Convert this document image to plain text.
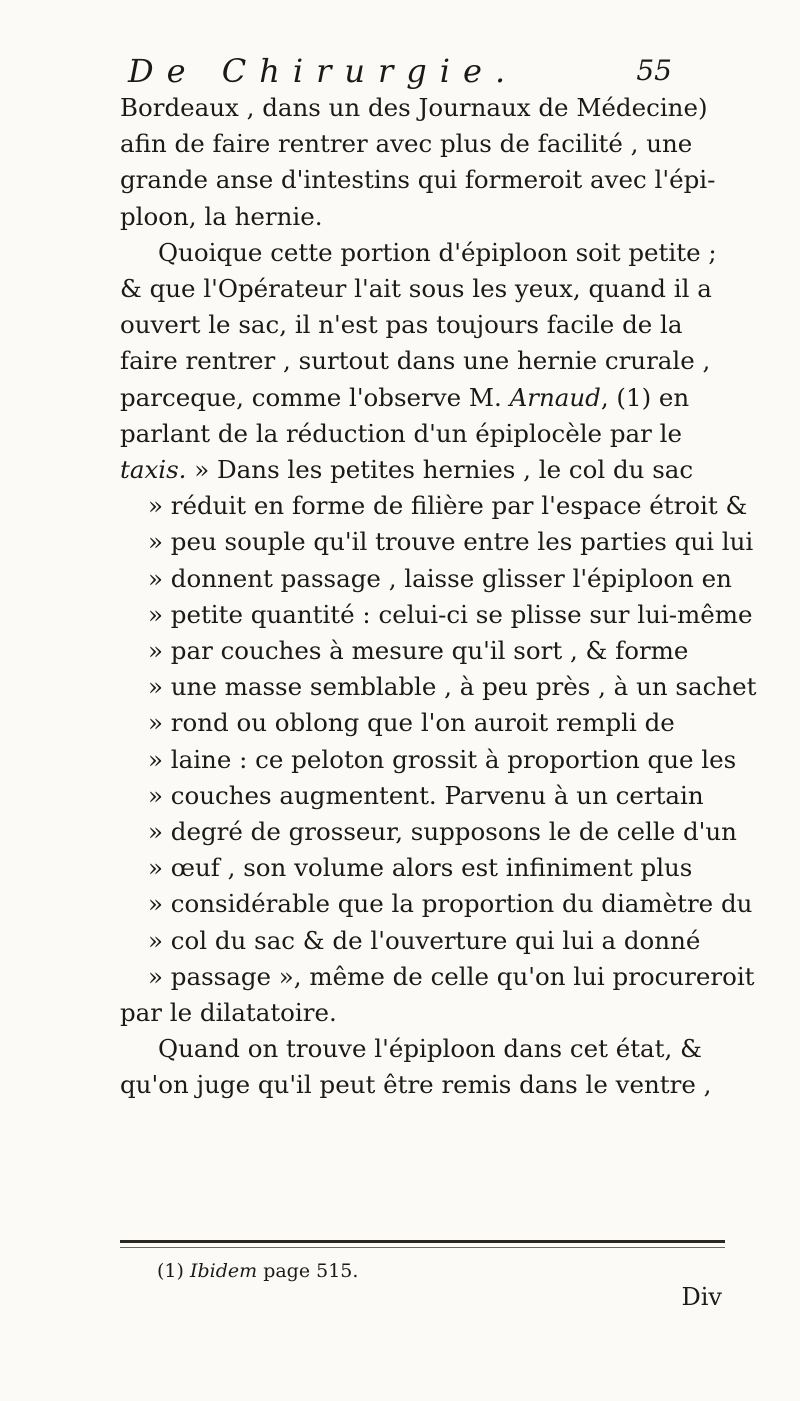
De Chirurgie.	55
Bordeaux , dans un des Journaux de Médecine)
afin de faire rentrer avec plus de facilité , une
grande anse d'intestins qui formeroit avec l'épi-
ploon, la hernie.
Quoique cette portion d'épiploon soit petite ;
& que l'Opérateur l'ait sous les yeux, quand il a
ouvert le sac, il n'est pas toujours facile de la
faire rentrer , surtout dans une hernie crurale ,
parceque, comme l'observe M. Arnaud, (1) en
parlant de la réduction d'un épiplocèle par le
taxis. » Dans les petites hernies , le col du sac
» réduit en forme de filière par l'espace étroit &
» peu souple qu'il trouve entre les parties qui lui
» donnent passage , laisse glisser l'épiploon en
» petite quantité : celui-ci se plisse sur lui-même
» par couches à mesure qu'il sort , & forme
» une masse semblable , à peu près , à un sachet
» rond ou oblong que l'on auroit rempli de
» laine : ce peloton grossit à proportion que les
» couches augmentent. Parvenu à un certain
» degré de grosseur, supposons le de celle d'un
» œuf , son volume alors est infiniment plus
» considérable que la proportion du diamètre du
» col du sac & de l'ouverture qui lui a donné
» passage », même de celle qu'on lui procureroit
par le dilatatoire.
Quand on trouve l'épiploon dans cet état, &
qu'on juge qu'il peut être remis dans le ventre ,
(1) Ibidem page 515.
Div
